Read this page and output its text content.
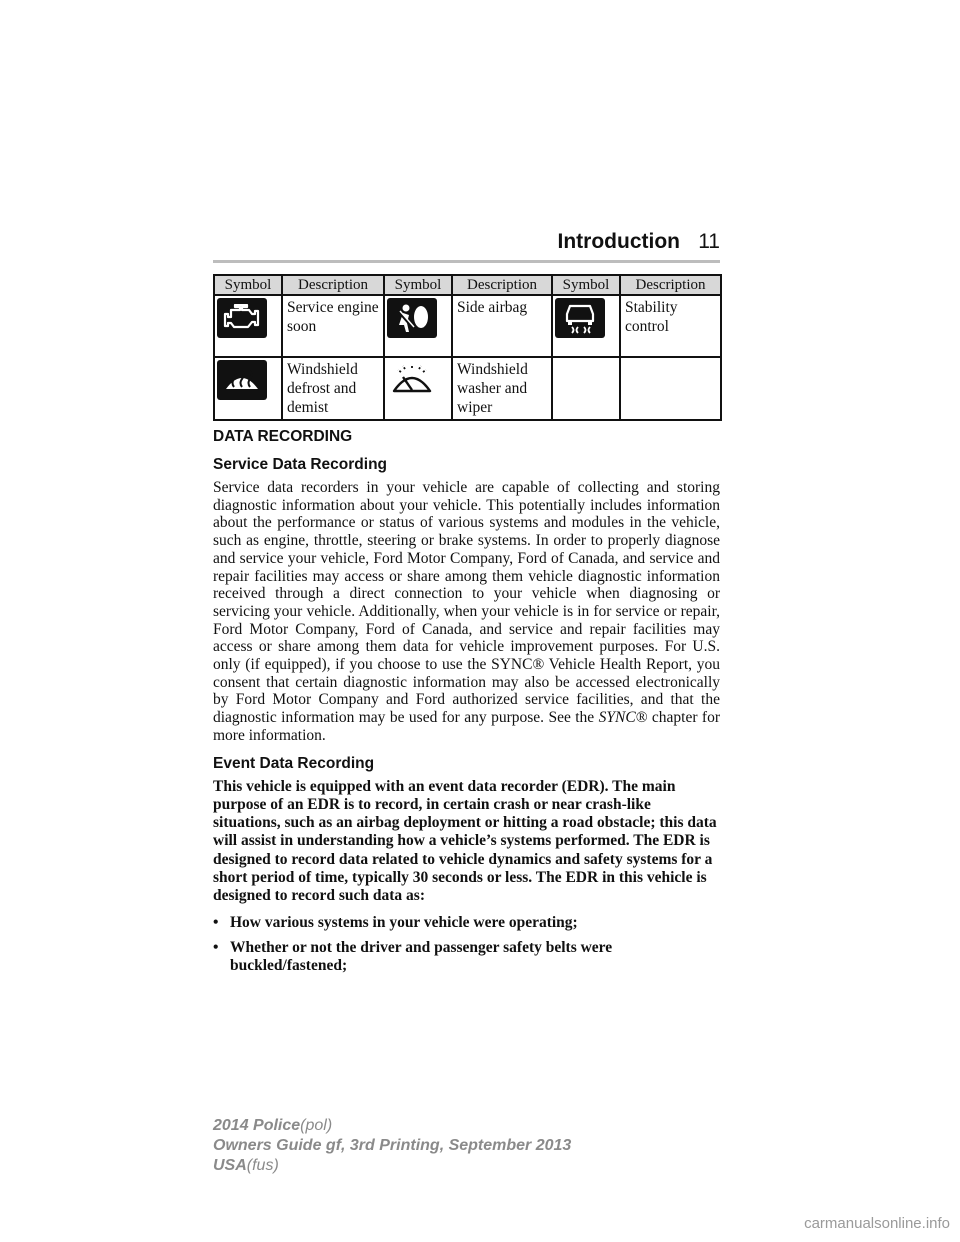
Introduction 11
Symbol	Description	Symbol	Description	Symbol	Description

	Service engine soon		Side airbag		Stability control

	Windshield defrost and demist		Windshield washer and wiper		
DATA RECORDING
Service Data Recording

Service data recorders in your vehicle are capable of collecting and storing diagnostic information about your vehicle. This potentially includes information about the performance or status of various systems and modules in the vehicle, such as engine, throttle, steering or brake systems. In order to properly diagnose and service your vehicle, Ford Motor Company, Ford of Canada, and service and repair facilities may access or share among them vehicle diagnostic information received through a direct connection to your vehicle when diagnosing or servicing your vehicle. Additionally, when your vehicle is in for service or repair, Ford Motor Company, Ford of Canada, and service and repair facilities may access or share among them data for vehicle improvement purposes. For U.S. only (if equipped), if you choose to use the SYNC® Vehicle Health Report, you consent that certain diagnostic information may also be accessed electronically by Ford Motor Company and Ford authorized service facilities, and that the diagnostic information may be used for any purpose. See the SYNC® chapter for more information.

Event Data Recording

This vehicle is equipped with an event data recorder (EDR). The main purpose of an EDR is to record, in certain crash or near crash-like situations, such as an airbag deployment or hitting a road obstacle; this data will assist in understanding how a vehicle’s systems performed. The EDR is designed to record data related to vehicle dynamics and safety systems for a short period of time, typically 30 seconds or less. The EDR in this vehicle is designed to record such data as:

• How various systems in your vehicle were operating;
• Whether or not the driver and passenger safety belts were buckled/fastened;
2014 Police(pol)
Owners Guide gf, 3rd Printing, September 2013
USA(fus)
carmanualsonline.info
